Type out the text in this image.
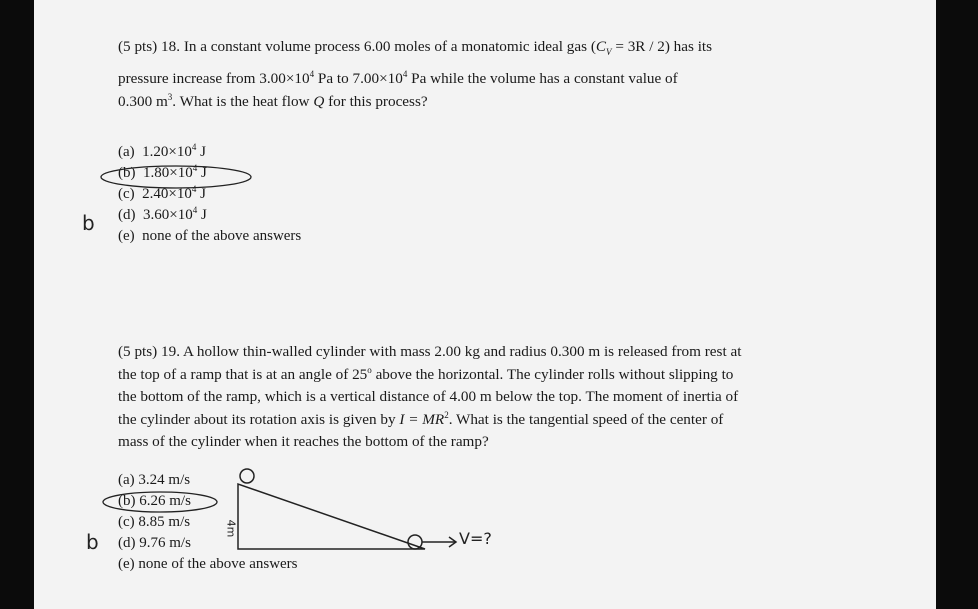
(5 pts) 18. In a constant volume process 6.00 moles of a monatomic ideal gas $(C_V = 3R / 2)$ has its

pressure increase from $3.00\times 10^4$ Pa to $7.00\times 10^4$ Pa while the volume has a constant value of

0.300 $m^3$. What is the heat flow Q for this process?

(a) $1.20\times 10^4$ J
(b) $1.80\times 10^4$ J
(c) $2.40\times 10^4$ J
(d) $3.60\times 10^4$ J
(e) none of the above answers
b

(5 pts) 19. A hollow thin-walled cylinder with mass 2.00 kg and radius 0.300 m is released from rest at

the top of a ramp that is at an angle of 25$^o$ above the horizontal. The cylinder rolls without slipping to

the bottom of the ramp, which is a vertical distance of 4.00 m below the top. The moment of inertia of

the cylinder about its rotation axis is given by $I = MR^2$. What is the tangential speed of the center of

mass of the cylinder when it reaches the bottom of the ramp?

(a) 3.24 m/s
(b) 6.26 m/s
(c) 8.85 m/s
(d) 9.76 m/s
(e) none of the above answers
b
4m
V=?
